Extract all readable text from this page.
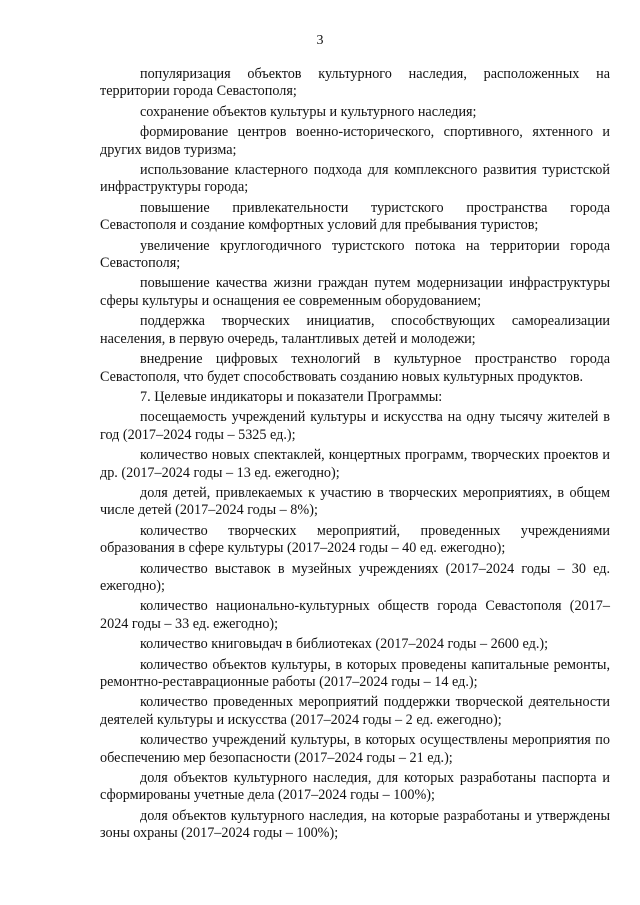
3

популяризация объектов культурного наследия, расположенных на территории города Севастополя;

сохранение объектов культуры и культурного наследия;

формирование центров военно-исторического, спортивного, яхтенного и других видов туризма;

использование кластерного подхода для комплексного развития туристской инфраструктуры города;

повышение привлекательности туристского пространства города Севастополя и создание комфортных условий для пребывания туристов;

увеличение круглогодичного туристского потока на территории города Севастополя;

повышение качества жизни граждан путем модернизации инфраструктуры сферы культуры и оснащения ее современным оборудованием;

поддержка творческих инициатив, способствующих самореализации населения, в первую очередь, талантливых детей и молодежи;

внедрение цифровых технологий в культурное пространство города Севастополя, что будет способствовать созданию новых культурных продуктов.

7. Целевые индикаторы и показатели Программы:

посещаемость учреждений культуры и искусства на одну тысячу жителей в год (2017–2024 годы – 5325 ед.);

количество новых спектаклей, концертных программ, творческих проектов и др. (2017–2024 годы – 13 ед. ежегодно);

доля детей, привлекаемых к участию в творческих мероприятиях, в общем числе детей (2017–2024 годы – 8%);

количество творческих мероприятий, проведенных учреждениями образования в сфере культуры (2017–2024 годы – 40 ед. ежегодно);

количество выставок в музейных учреждениях (2017–2024 годы – 30 ед. ежегодно);

количество национально-культурных обществ города Севастополя (2017–2024 годы – 33 ед. ежегодно);

количество книговыдач в библиотеках (2017–2024 годы – 2600 ед.);

количество объектов культуры, в которых проведены капитальные ремонты, ремонтно-реставрационные работы (2017–2024 годы – 14 ед.);

количество проведенных мероприятий поддержки творческой деятельности деятелей культуры и искусства (2017–2024 годы – 2 ед. ежегодно);

количество учреждений культуры, в которых осуществлены мероприятия по обеспечению мер безопасности (2017–2024 годы – 21 ед.);

доля объектов культурного наследия, для которых разработаны паспорта и сформированы учетные дела (2017–2024 годы – 100%);

доля объектов культурного наследия, на которые разработаны и утверждены зоны охраны (2017–2024 годы – 100%);
